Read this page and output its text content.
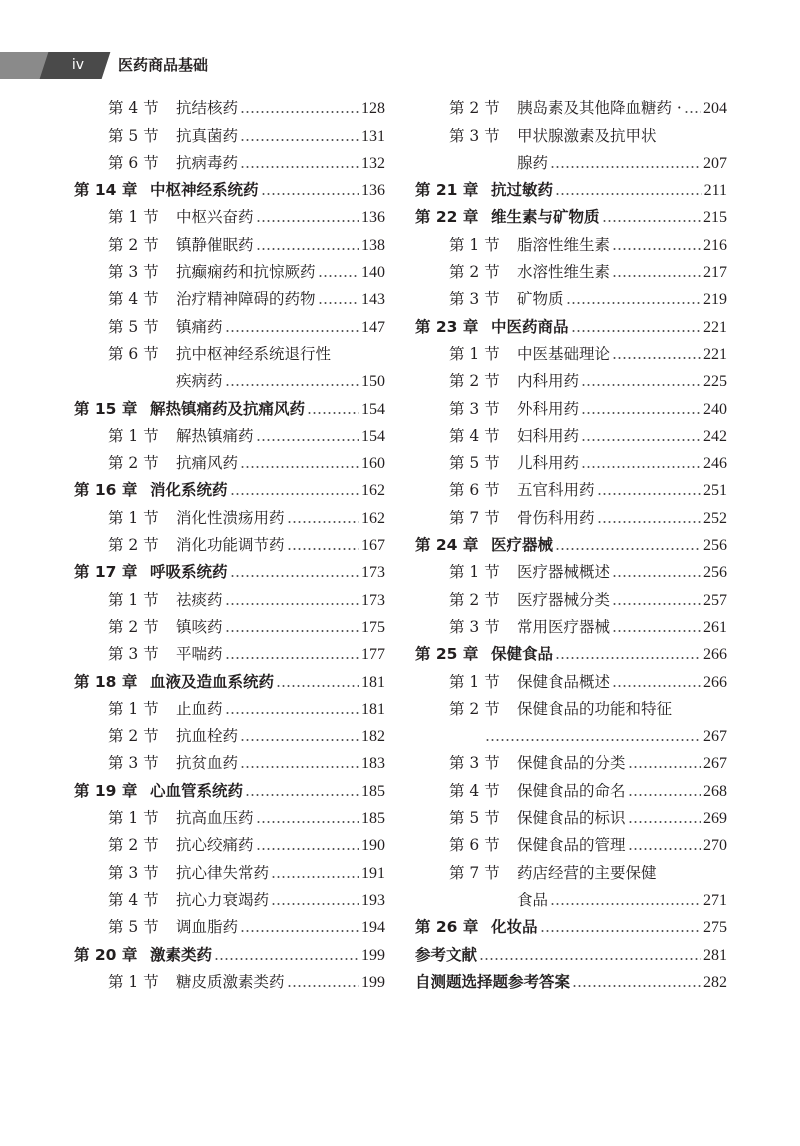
iv	医药商品基础
第 4 节	抗结核药	128
第 5 节	抗真菌药	131
第 6 节	抗病毒药	132
第 14 章 中枢神经系统药	136
第 1 节	中枢兴奋药	136
第 2 节	镇静催眠药	138
第 3 节	抗癫痫药和抗惊厥药	140
第 4 节	治疗精神障碍的药物	143
第 5 节	镇痛药	147
第 6 节	抗中枢神经系统退行性
疾病药	150
第 15 章 解热镇痛药及抗痛风药	154
第 1 节	解热镇痛药	154
第 2 节	抗痛风药	160
第 16 章 消化系统药	162
第 1 节	消化性溃疡用药	162
第 2 节	消化功能调节药	167
第 17 章 呼吸系统药	173
第 1 节	祛痰药	173
第 2 节	镇咳药	175
第 3 节	平喘药	177
第 18 章 血液及造血系统药	181
第 1 节	止血药	181
第 2 节	抗血栓药	182
第 3 节	抗贫血药	183
第 19 章 心血管系统药	185
第 1 节	抗高血压药	185
第 2 节	抗心绞痛药	190
第 3 节	抗心律失常药	191
第 4 节	抗心力衰竭药	193
第 5 节	调血脂药	194
第 20 章 激素类药	199
第 1 节	糖皮质激素类药	199
第 2 节	胰岛素及其他降血糖药 · 204
第 3 节	甲状腺激素及抗甲状
腺药	207
第 21 章 抗过敏药	211
第 22 章 维生素与矿物质	215
第 1 节	脂溶性维生素	216
第 2 节	水溶性维生素	217
第 3 节	矿物质	219
第 23 章 中医药商品	221
第 1 节	中医基础理论	221
第 2 节	内科用药	225
第 3 节	外科用药	240
第 4 节	妇科用药	242
第 5 节	儿科用药	246
第 6 节	五官科用药	251
第 7 节	骨伤科用药	252
第 24 章 医疗器械	256
第 1 节	医疗器械概述	256
第 2 节	医疗器械分类	257
第 3 节	常用医疗器械	261
第 25 章 保健食品	266
第 1 节	保健食品概述	266
第 2 节	保健食品的功能和特征
267
第 3 节	保健食品的分类	267
第 4 节	保健食品的命名	268
第 5 节	保健食品的标识	269
第 6 节	保健食品的管理	270
第 7 节	药店经营的主要保健
食品	271
第 26 章 化妆品	275
参考文献	281
自测题选择题参考答案	282
